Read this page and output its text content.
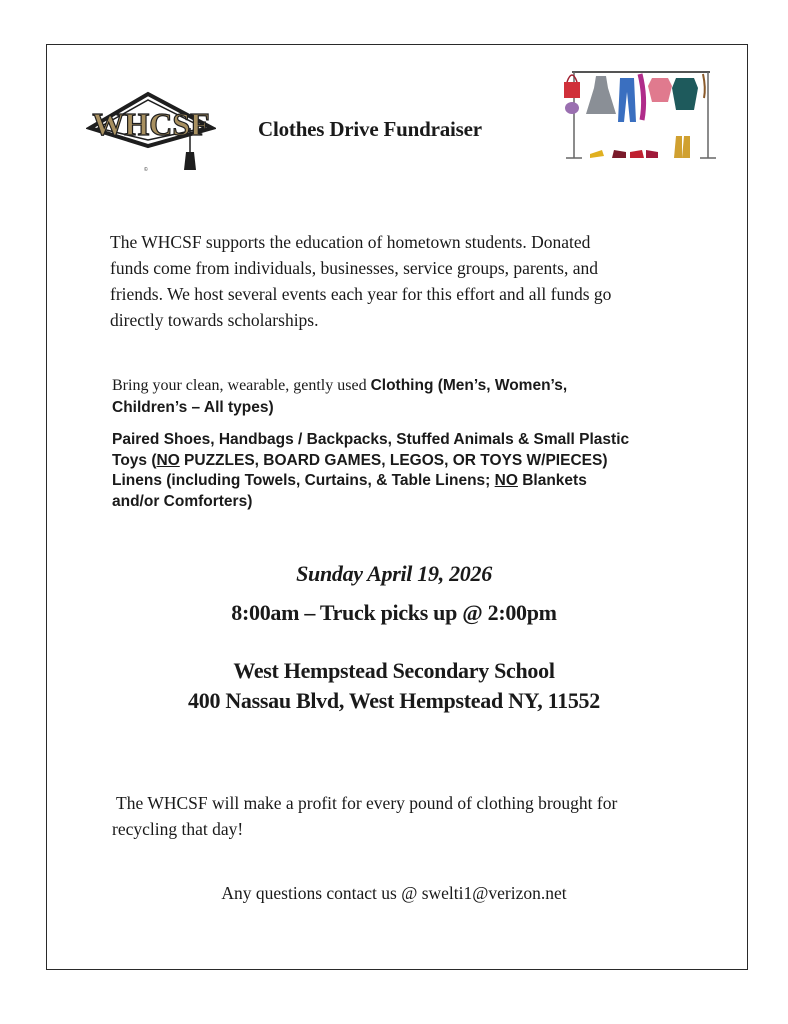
WHCSF
©
Clothes Drive Fundraiser
The WHCSF supports the education of hometown students. Donated
funds come from individuals, businesses, service groups, parents, and
friends. We host several events each year for this effort and all funds go
directly towards scholarships.
Bring your clean, wearable, gently used Clothing (Men’s, Women’s,
Children’s – All types)
Paired Shoes, Handbags / Backpacks, Stuffed Animals & Small Plastic
Toys (NO PUZZLES, BOARD GAMES, LEGOS, OR TOYS W/PIECES)
Linens (including Towels, Curtains, & Table Linens; NO Blankets
and/or Comforters)
Sunday April 19, 2026
8:00am – Truck picks up @ 2:00pm
West Hempstead Secondary School
400 Nassau Blvd, West Hempstead NY, 11552
The WHCSF will make a profit for every pound of clothing brought for
recycling that day!
Any questions contact us @ swelti1@verizon.net
